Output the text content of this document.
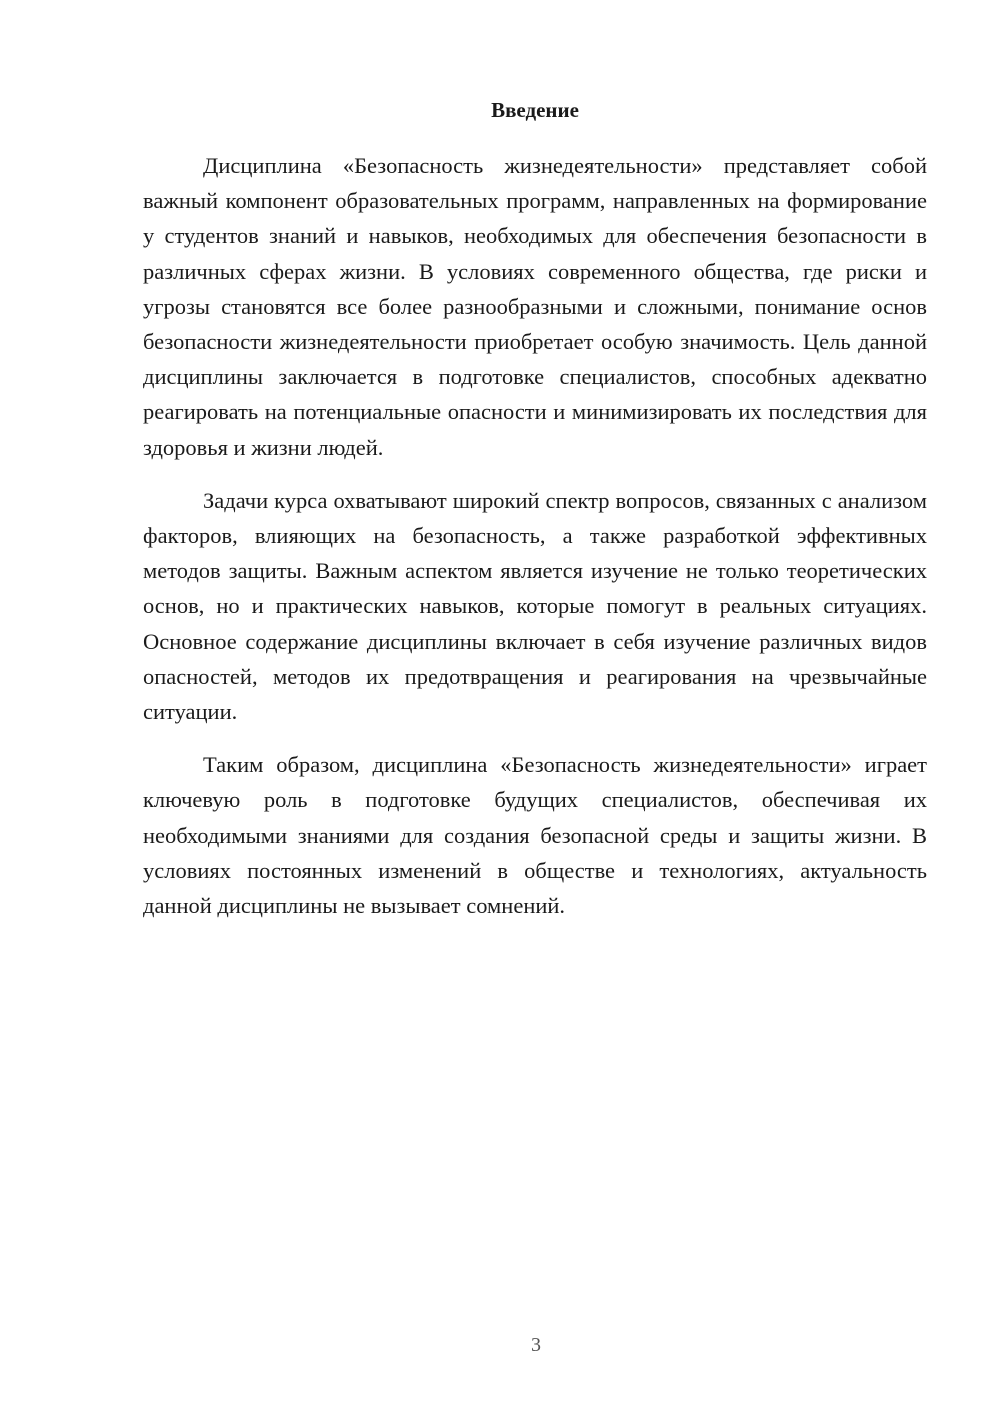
Введение

Дисциплина «Безопасность жизнедеятельности» представляет собой важный компонент образовательных программ, направленных на формирование у студентов знаний и навыков, необходимых для обеспечения безопасности в различных сферах жизни. В условиях современного общества, где риски и угрозы становятся все более разнообразными и сложными, понимание основ безопасности жизнедеятельности приобретает особую значимость. Цель данной дисциплины заключается в подготовке специалистов, способных адекватно реагировать на потенциальные опасности и минимизировать их последствия для здоровья и жизни людей.

Задачи курса охватывают широкий спектр вопросов, связанных с анализом факторов, влияющих на безопасность, а также разработкой эффективных методов защиты. Важным аспектом является изучение не только теоретических основ, но и практических навыков, которые помогут в реальных ситуациях. Основное содержание дисциплины включает в себя изучение различных видов опасностей, методов их предотвращения и реагирования на чрезвычайные ситуации.

Таким образом, дисциплина «Безопасность жизнедеятельности» играет ключевую роль в подготовке будущих специалистов, обеспечивая их необходимыми знаниями для создания безопасной среды и защиты жизни. В условиях постоянных изменений в обществе и технологиях, актуальность данной дисциплины не вызывает сомнений.

3
